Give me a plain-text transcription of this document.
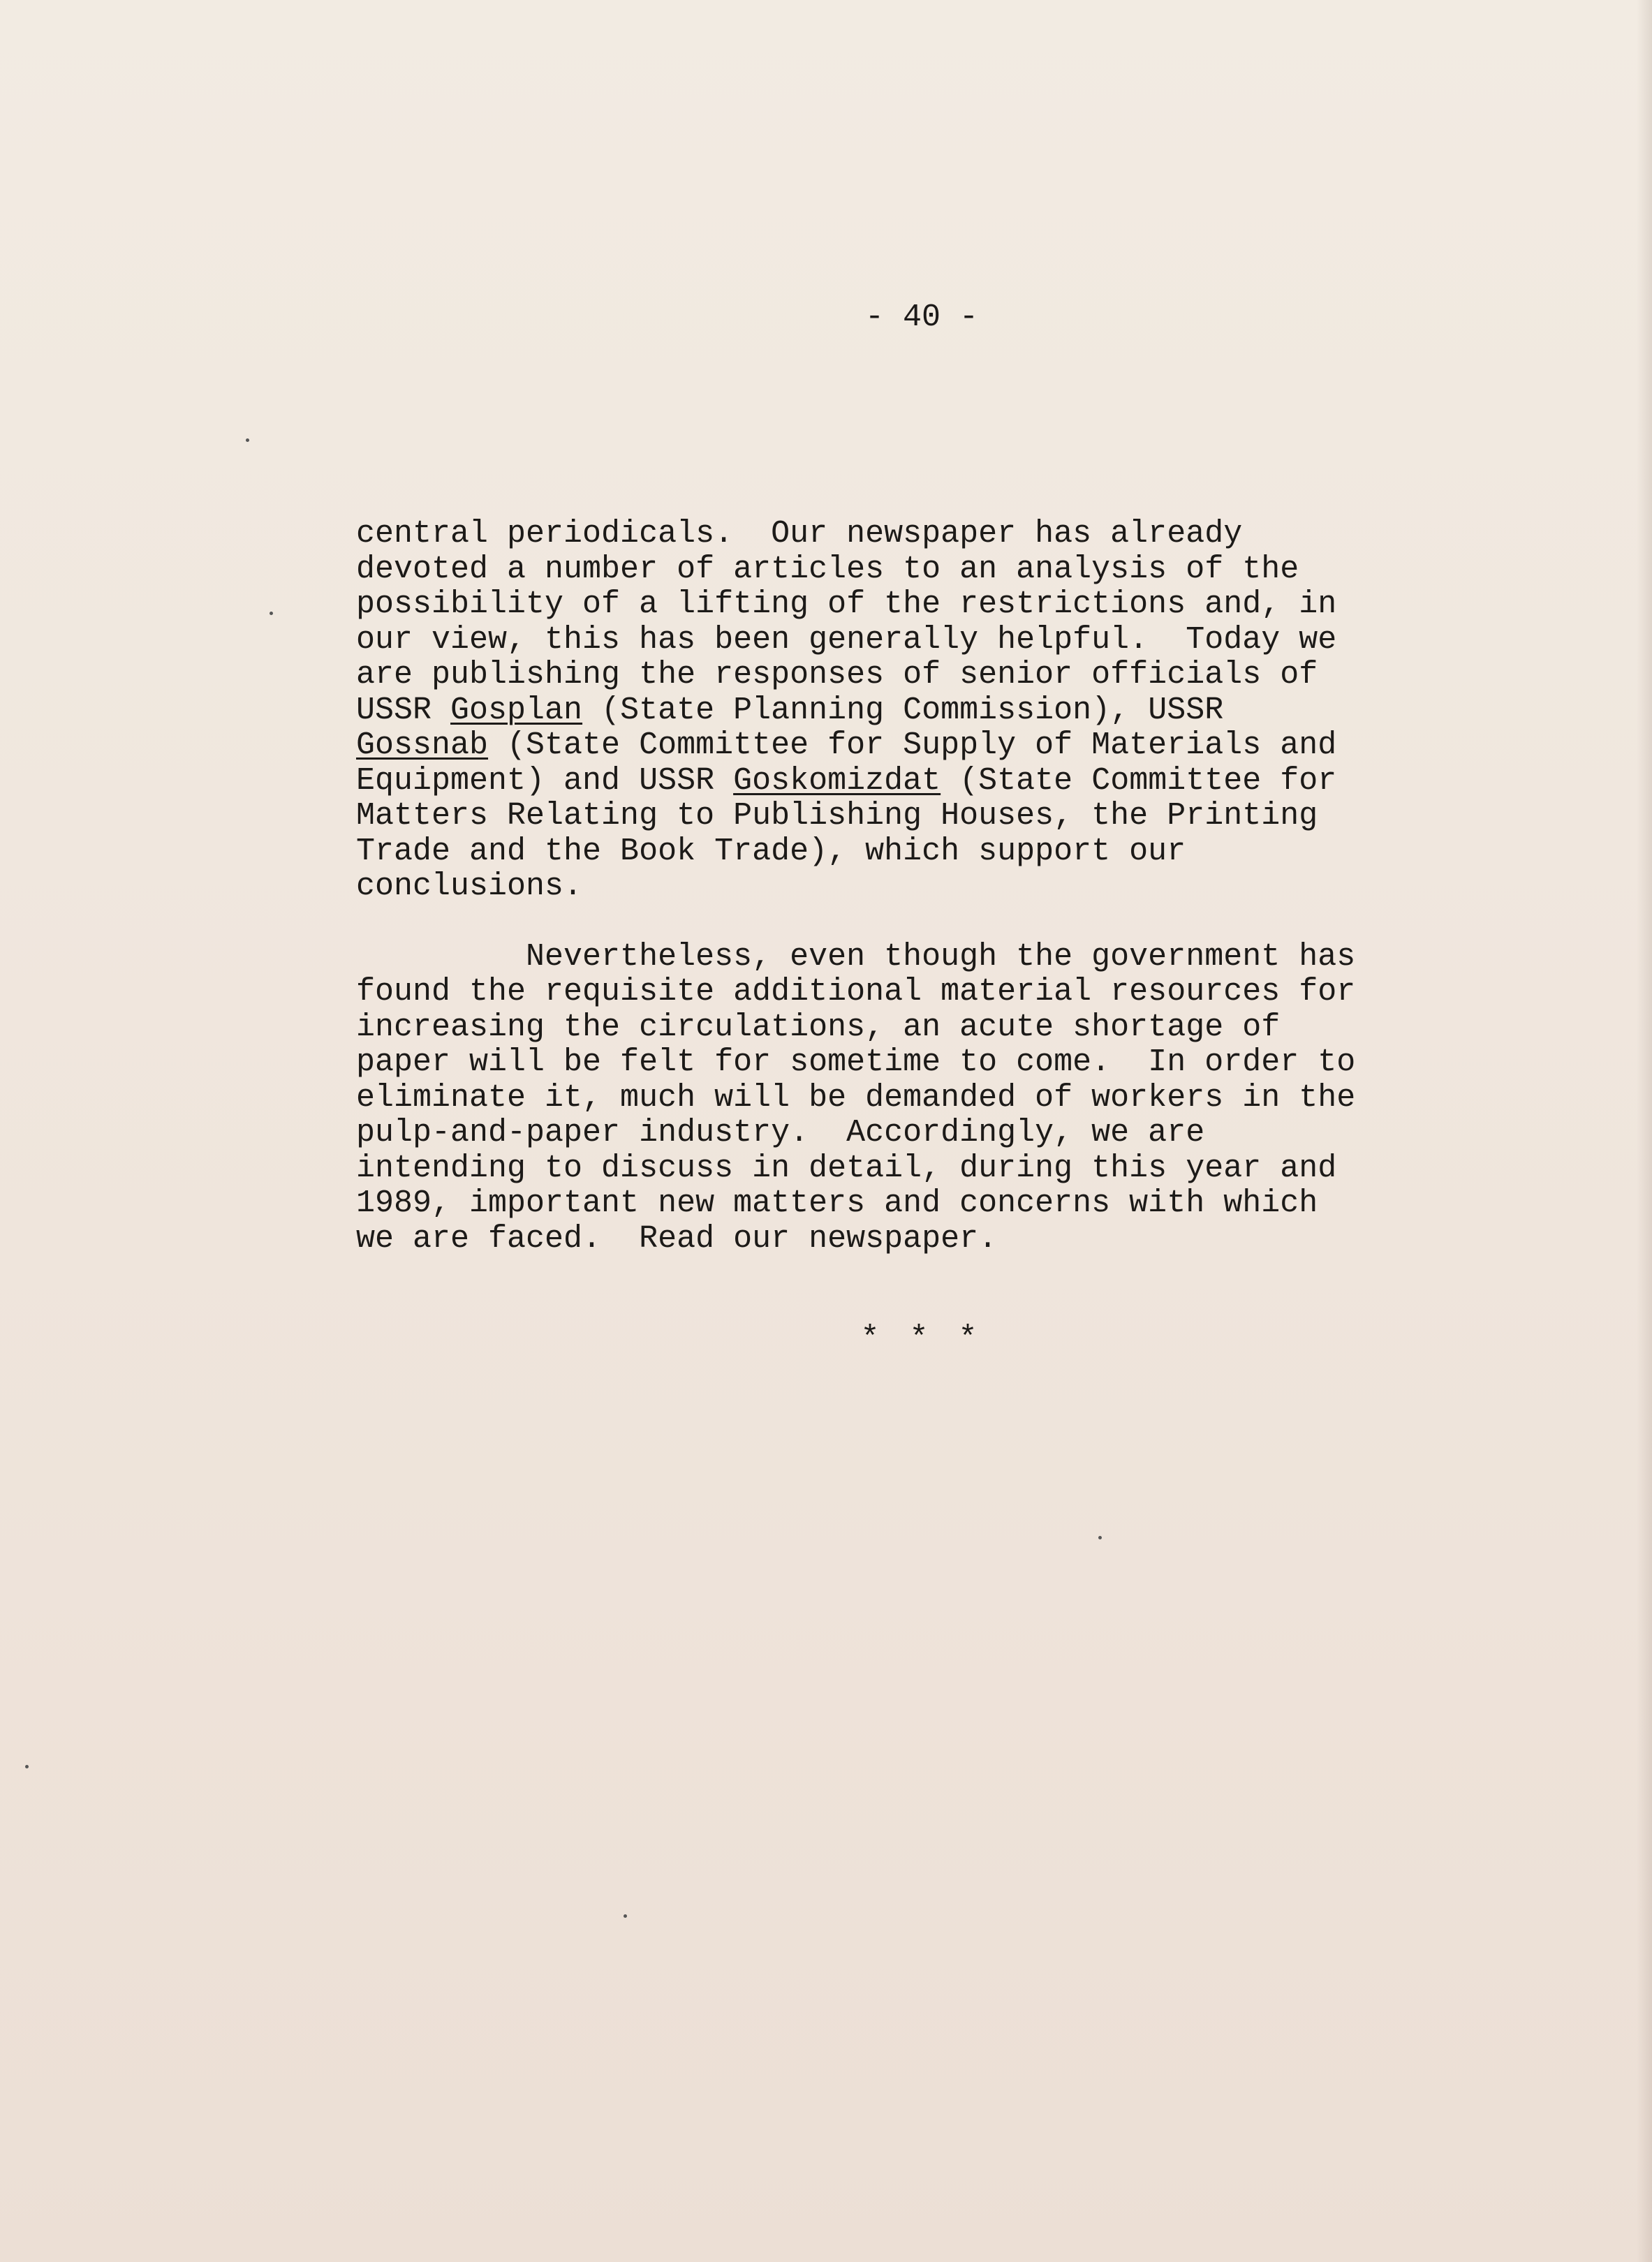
- 40 -
central periodicals.  Our newspaper has already
devoted a number of articles to an analysis of the
possibility of a lifting of the restrictions and, in
our view, this has been generally helpful.  Today we
are publishing the responses of senior officials of
USSR Gosplan (State Planning Commission), USSR
Gossnab (State Committee for Supply of Materials and
Equipment) and USSR Goskomizdat (State Committee for
Matters Relating to Publishing Houses, the Printing
Trade and the Book Trade), which support our
conclusions.
Nevertheless, even though the government has
found the requisite additional material resources for
increasing the circulations, an acute shortage of
paper will be felt for sometime to come.  In order to
eliminate it, much will be demanded of workers in the
pulp-and-paper industry.  Accordingly, we are
intending to discuss in detail, during this year and
1989, important new matters and concerns with which
we are faced.  Read our newspaper.
* * *
